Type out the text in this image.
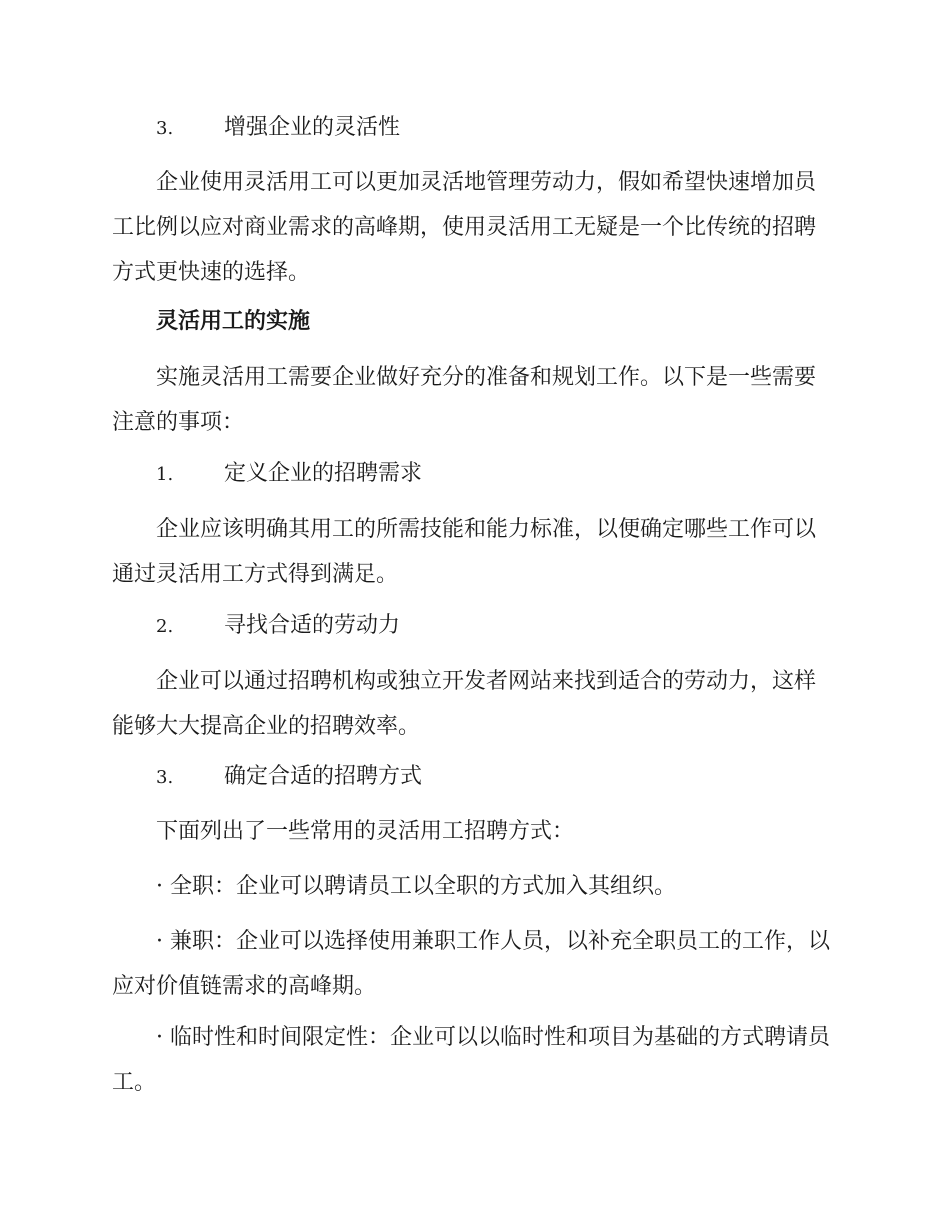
3.	增强企业的灵活性
企业使用灵活用工可以更加灵活地管理劳动力，假如希望快速增加员工比例以应对商业需求的高峰期，使用灵活用工无疑是一个比传统的招聘方式更快速的选择。
灵活用工的实施
实施灵活用工需要企业做好充分的准备和规划工作。以下是一些需要注意的事项：
1.	定义企业的招聘需求
企业应该明确其用工的所需技能和能力标准，以便确定哪些工作可以通过灵活用工方式得到满足。
2.	寻找合适的劳动力
企业可以通过招聘机构或独立开发者网站来找到适合的劳动力，这样能够大大提高企业的招聘效率。
3.	确定合适的招聘方式
下面列出了一些常用的灵活用工招聘方式：
· 全职：企业可以聘请员工以全职的方式加入其组织。
· 兼职：企业可以选择使用兼职工作人员，以补充全职员工的工作，以应对价值链需求的高峰期。
· 临时性和时间限定性：企业可以以临时性和项目为基础的方式聘请员工。
